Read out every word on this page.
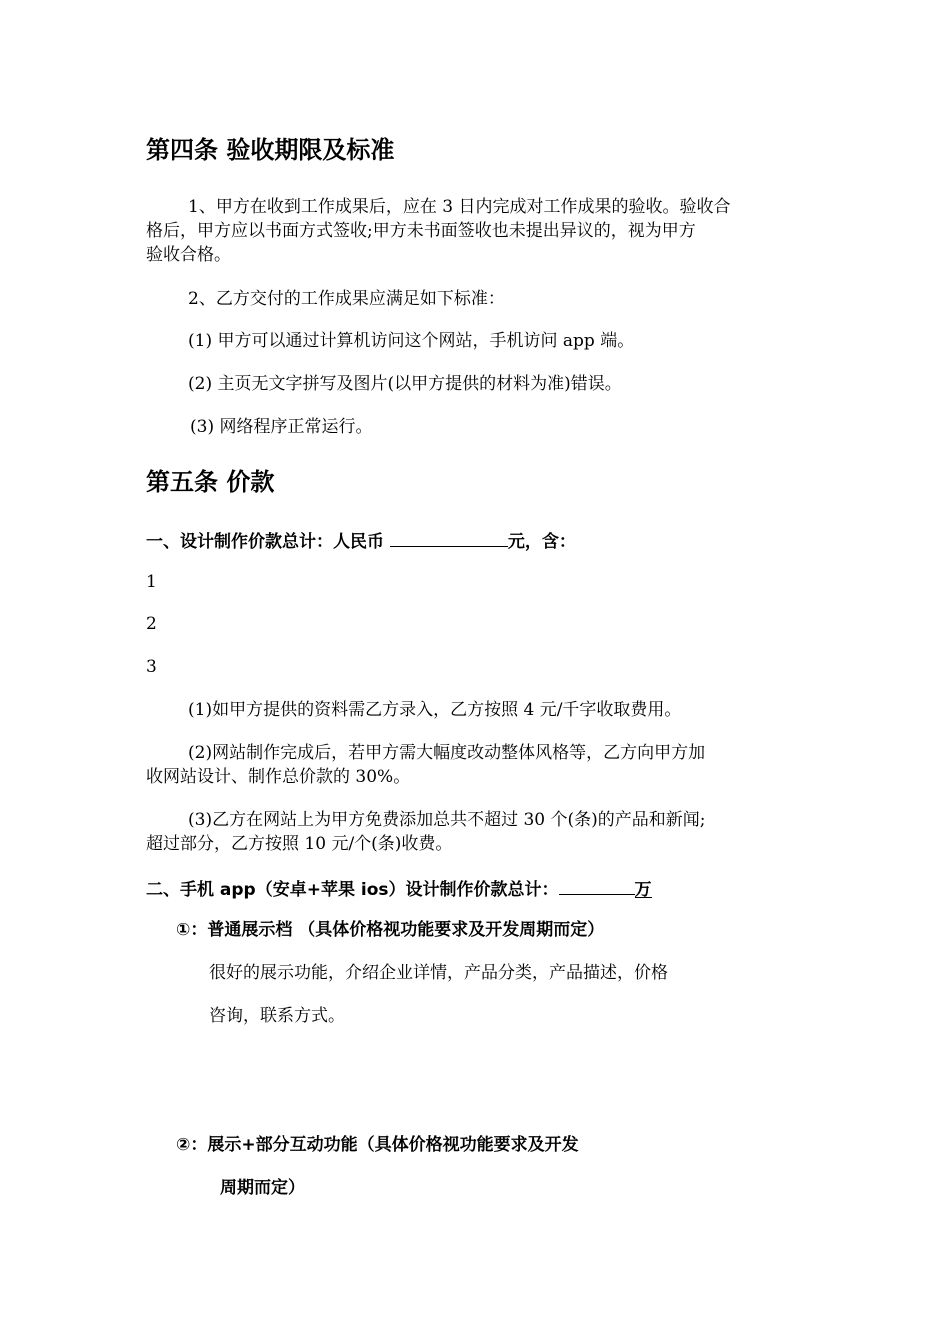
第四条 验收期限及标准
1、甲方在收到工作成果后，应在 3 日内完成对工作成果的验收。验收合
格后，甲方应以书面方式签收;甲方未书面签收也未提出异议的，视为甲方
验收合格。
2、乙方交付的工作成果应满足如下标准：
(1) 甲方可以通过计算机访问这个网站，手机访问 app 端。
(2) 主页无文字拼写及图片(以甲方提供的材料为准)错误。
(3) 网络程序正常运行。
第五条 价款
一、设计制作价款总计：人民币	元，含：
1
2
3
(1)如甲方提供的资料需乙方录入，乙方按照 4 元/千字收取费用。
(2)网站制作完成后，若甲方需大幅度改动整体风格等，乙方向甲方加
收网站设计、制作总价款的 30%。
(3)乙方在网站上为甲方免费添加总共不超过 30 个(条)的产品和新闻;
超过部分，乙方按照 10 元/个(条)收费。
二、手机 app（安卓+苹果 ios）设计制作价款总计：	万
①：普通展示档 （具体价格视功能要求及开发周期而定）
很好的展示功能，介绍企业详情，产品分类，产品描述，价格
咨询，联系方式。
②：展示+部分互动功能（具体价格视功能要求及开发
周期而定）
